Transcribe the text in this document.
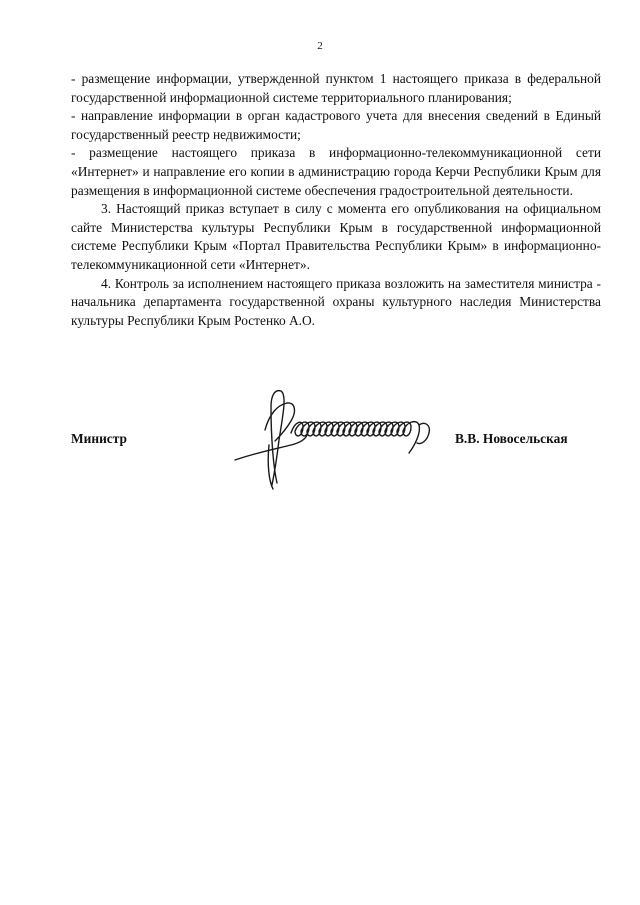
2

- размещение информации, утвержденной пунктом 1 настоящего приказа в федеральной государственной информационной системе территориального планирования;

- направление информации в орган кадастрового учета для внесения сведений в Единый государственный реестр недвижимости;

- размещение настоящего приказа в информационно-телекоммуникационной сети «Интернет» и направление его копии в администрацию города Керчи Республики Крым для размещения в информационной системе обеспечения градостроительной деятельности.

3. Настоящий приказ вступает в силу с момента его опубликования на официальном сайте Министерства культуры Республики Крым в государственной информационной системе Республики Крым «Портал Правительства Республики Крым» в информационно-телекоммуникационной сети «Интернет».

4. Контроль за исполнением настоящего приказа возложить на заместителя министра - начальника департамента государственной охраны культурного наследия Министерства культуры Республики Крым Ростенко А.О.

Министр	В.В. Новосельская
